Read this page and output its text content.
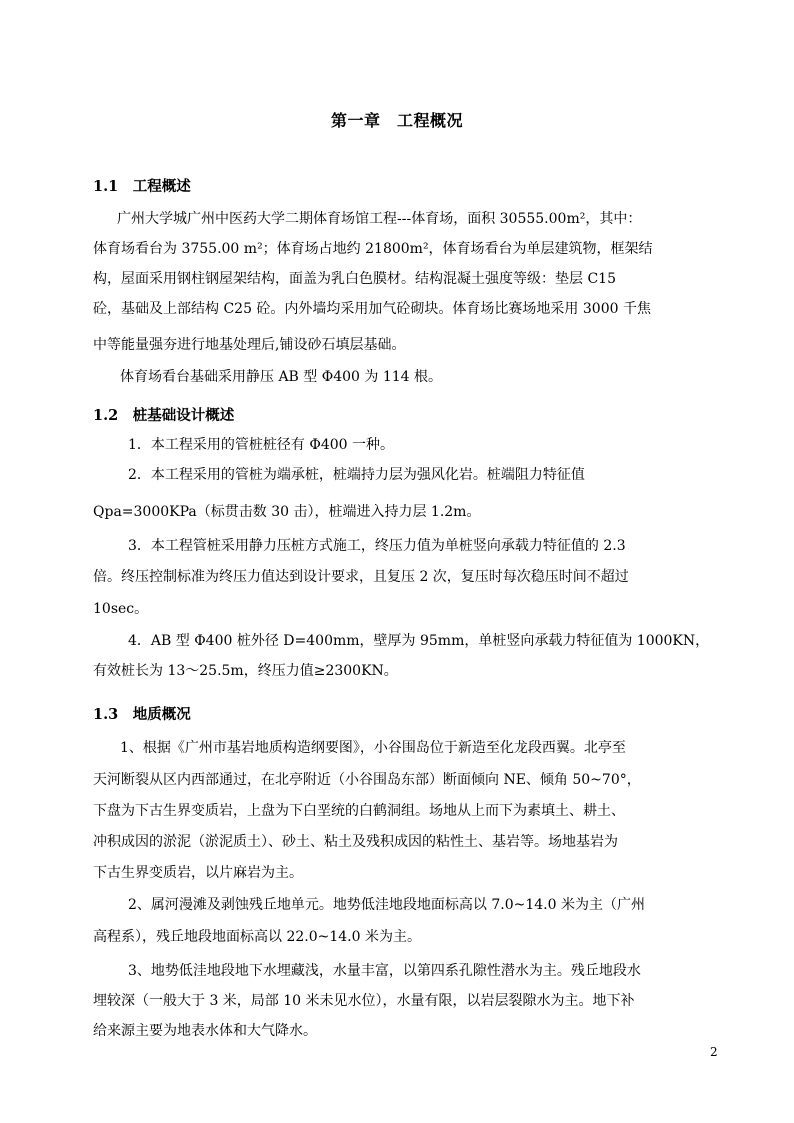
第一章　工程概况
1.1　工程概述
广州大学城广州中医药大学二期体育场馆工程---体育场，面积 30555.00m²，其中：
体育场看台为 3755.00 m²；体育场占地约 21800m²，体育场看台为单层建筑物，框架结
构，屋面采用钢柱钢屋架结构，面盖为乳白色膜材。结构混凝土强度等级：垫层 C15
砼，基础及上部结构 C25 砼。内外墙均采用加气砼砌块。体育场比赛场地采用 3000 千焦
中等能量强夯进行地基处理后,铺设砂石填层基础。
体育场看台基础采用静压 AB 型 Φ400 为 114 根。
1.2　桩基础设计概述
1．本工程采用的管桩桩径有 Φ400 一种。
2．本工程采用的管桩为端承桩，桩端持力层为强风化岩。桩端阻力特征值
Qpa=3000KPa（标贯击数 30 击），桩端进入持力层 1.2m。
3．本工程管桩采用静力压桩方式施工，终压力值为单桩竖向承载力特征值的 2.3
倍。终压控制标准为终压力值达到设计要求，且复压 2 次，复压时每次稳压时间不超过
10sec。
4．AB 型 Φ400 桩外径 D=400mm，壁厚为 95mm，单桩竖向承载力特征值为 1000KN，
有效桩长为 13～25.5m，终压力值≥2300KN。
1.3　地质概况
1、根据《广州市基岩地质构造纲要图》，小谷围岛位于新造至化龙段西翼。北亭至
天河断裂从区内西部通过，在北亭附近（小谷围岛东部）断面倾向 NE、倾角 50~70°，
下盘为下古生界变质岩，上盘为下白垩统的白鹤洞组。场地从上而下为素填土、耕土、
冲积成因的淤泥（淤泥质土）、砂土、粘土及残积成因的粘性土、基岩等。场地基岩为
下古生界变质岩，以片麻岩为主。
2、属河漫滩及剥蚀残丘地单元。地势低洼地段地面标高以 7.0~14.0 米为主（广州
高程系），残丘地段地面标高以 22.0~14.0 米为主。
3、地势低洼地段地下水埋藏浅，水量丰富，以第四系孔隙性潜水为主。残丘地段水
埋较深（一般大于 3 米，局部 10 米未见水位），水量有限，以岩层裂隙水为主。地下补
给来源主要为地表水体和大气降水。
2
